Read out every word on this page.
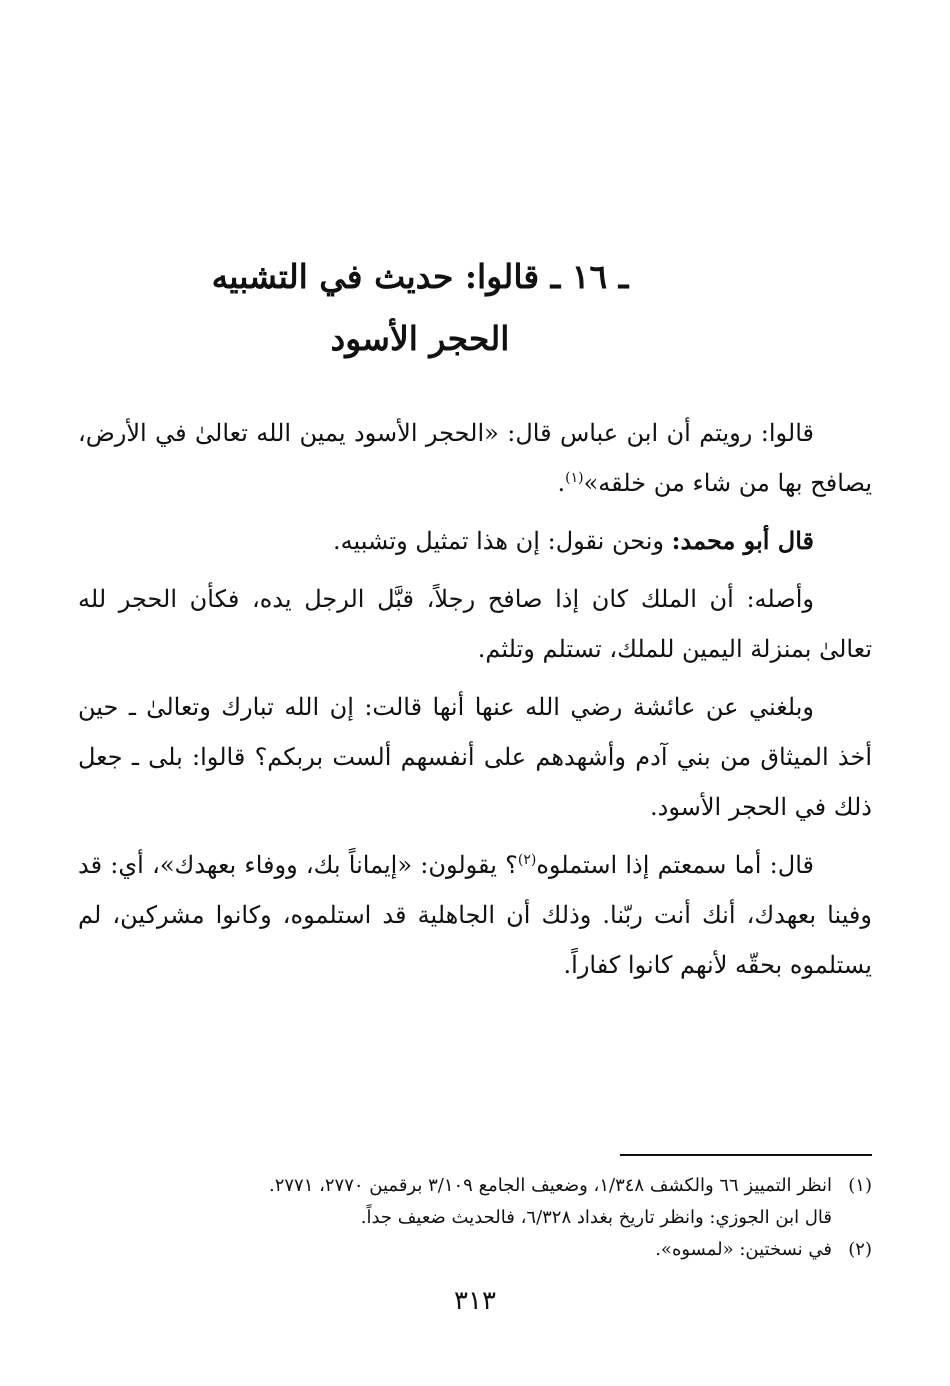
ـ ١٦ ـ قالوا: حديث في التشبيه
الحجر الأسود

قالوا: رويتم أن ابن عباس قال: «الحجر الأسود يمين الله تعالىٰ في الأرض، يصافح بها من شاء من خلقه»$^{(١)}$.

قال أبو محمد: ونحن نقول: إن هذا تمثيل وتشبيه.

وأصله: أن الملك كان إذا صافح رجلاً، قبَّل الرجل يده، فكأن الحجر لله تعالىٰ بمنزلة اليمين للملك، تستلم وتلثم.

وبلغني عن عائشة رضي الله عنها أنها قالت: إن الله تبارك وتعالىٰ ـ حين أخذ الميثاق من بني آدم وأشهدهم على أنفسهم ألست بربكم؟ قالوا: بلى ـ جعل ذلك في الحجر الأسود.

قال: أما سمعتم إذا استملوه$^{(٢)}$؟ يقولون: «إيماناً بك، ووفاء بعهدك»، أي: قد وفينا بعهدك، أنك أنت ربّنا. وذلك أن الجاهلية قد استلموه، وكانوا مشركين، لم يستلموه بحقّه لأنهم كانوا كفاراً.

(١)
انظر التمييز ٦٦ والكشف ١/٣٤٨، وضعيف الجامع ٣/١٠٩ برقمين ٢٧٧٠، ٢٧٧١.
قال ابن الجوزي: وانظر تاريخ بغداد ٦/٣٢٨، فالحديث ضعيف جداً.

(٢)
في نسختين: «لمسوه».

٣١٣
